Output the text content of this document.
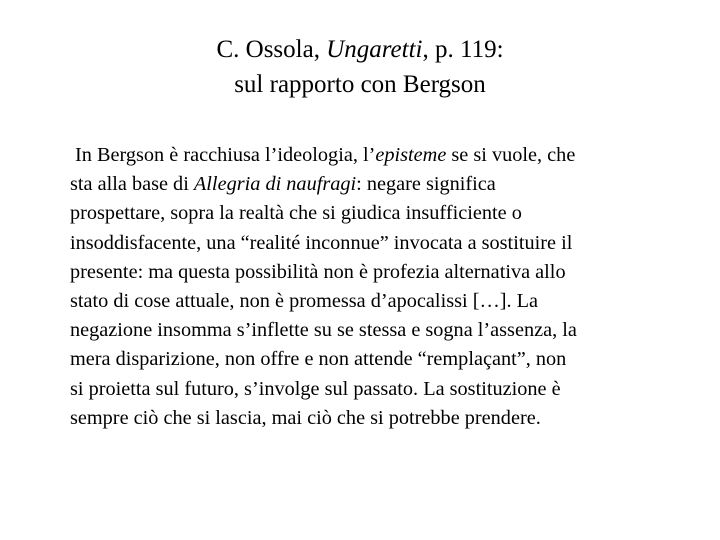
C. Ossola, Ungaretti, p. 119:
sul rapporto con Bergson
In Bergson è racchiusa l’ideologia, l’episteme se si vuole, che
sta alla base di Allegria di naufragi: negare significa
prospettare, sopra la realtà che si giudica insufficiente o
insoddisfacente, una “realité inconnue” invocata a sostituire il
presente: ma questa possibilità non è profezia alternativa allo
stato di cose attuale, non è promessa d’apocalissi […]. La
negazione insomma s’inflette su se stessa e sogna l’assenza, la
mera disparizione, non offre e non attende “remplaçant”, non
si proietta sul futuro, s’involge sul passato. La sostituzione è
sempre ciò che si lascia, mai ciò che si potrebbe prendere.
